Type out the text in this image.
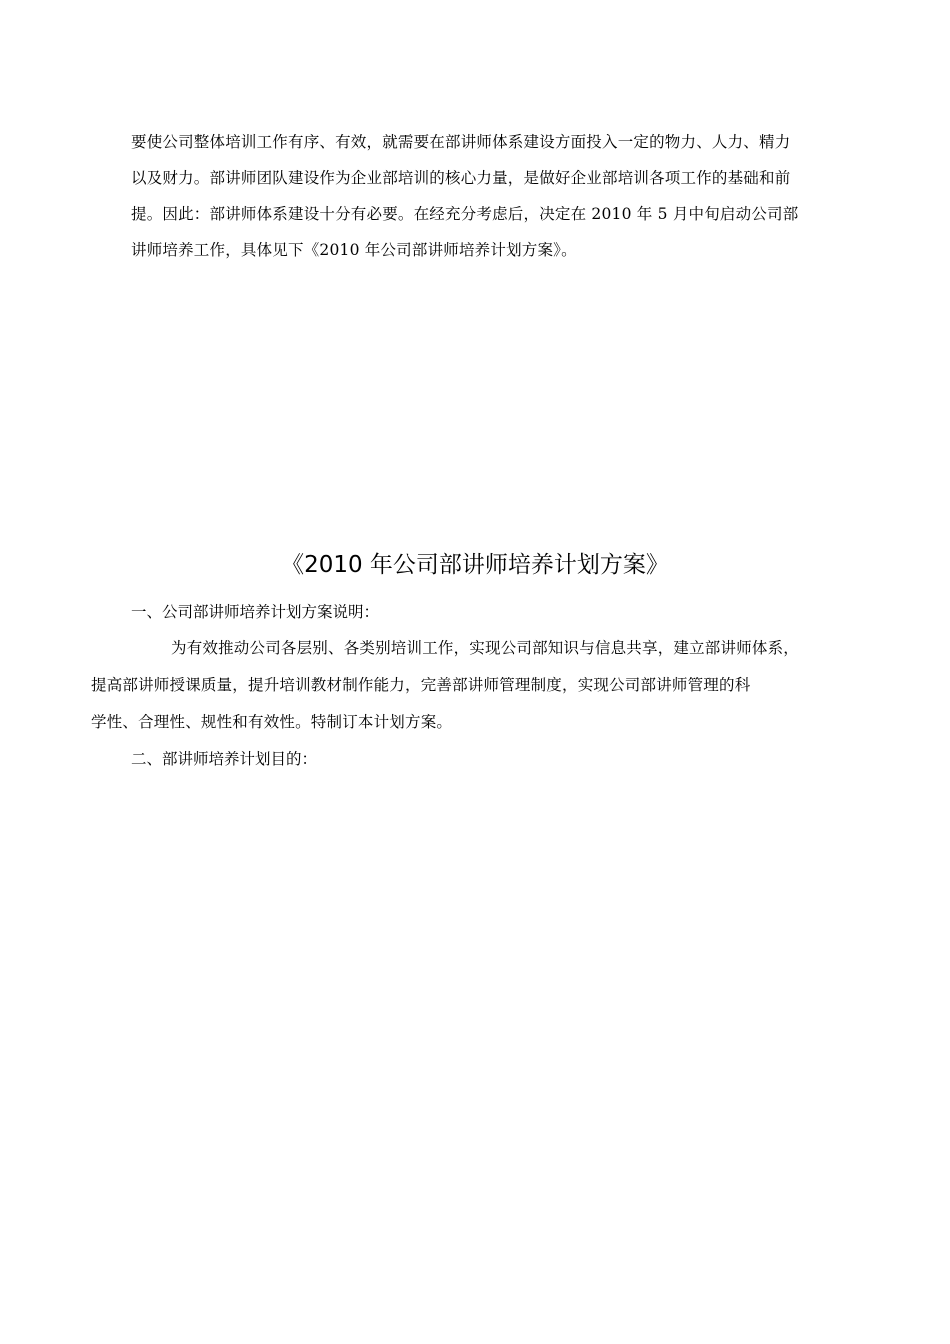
要使公司整体培训工作有序、有效，就需要在部讲师体系建设方面投入一定的物力、人力、精力
以及财力。部讲师团队建设作为企业部培训的核心力量，是做好企业部培训各项工作的基础和前
提。因此：部讲师体系建设十分有必要。在经充分考虑后，决定在 2010 年 5 月中旬启动公司部
讲师培养工作，具体见下《2010 年公司部讲师培养计划方案》。
《2010 年公司部讲师培养计划方案》

一、公司部讲师培养计划方案说明：

为有效推动公司各层别、各类别培训工作，实现公司部知识与信息共享，建立部讲师体系，
提高部讲师授课质量，提升培训教材制作能力，完善部讲师管理制度，实现公司部讲师管理的科
学性、合理性、规性和有效性。特制订本计划方案。

二、部讲师培养计划目的：
